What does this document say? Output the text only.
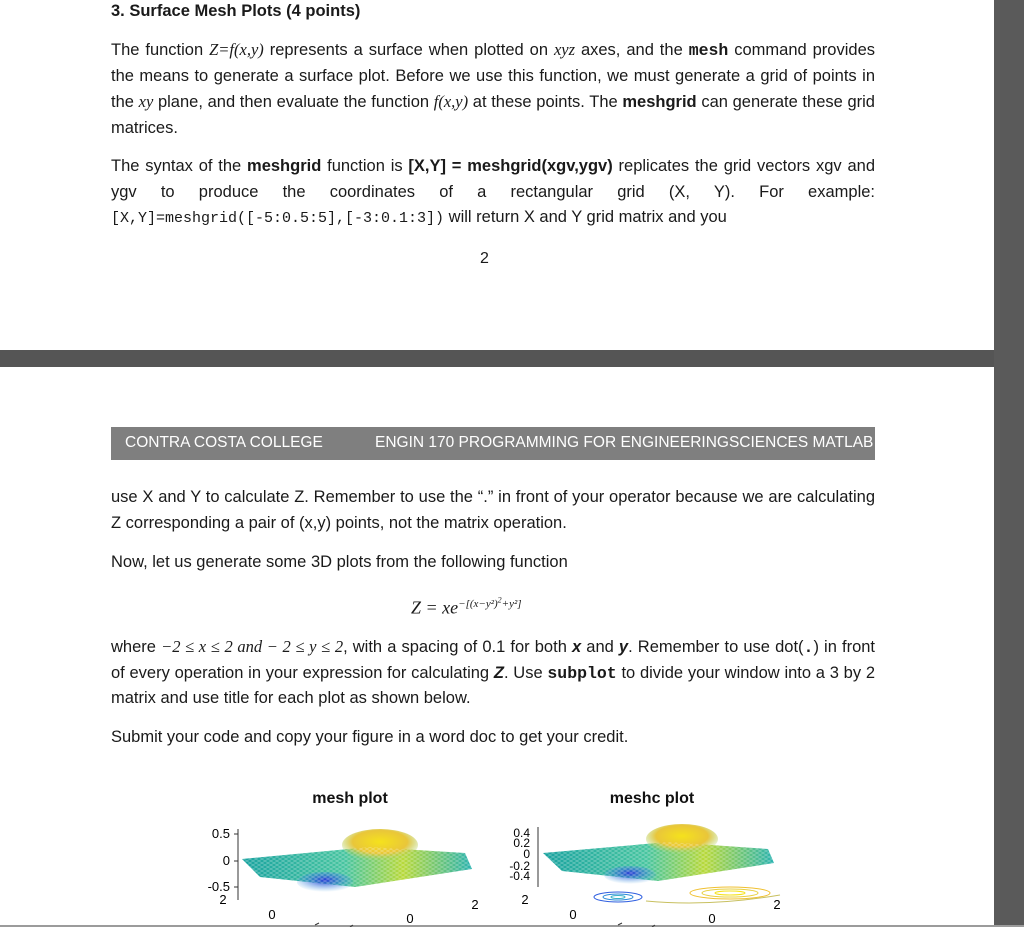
3. Surface Mesh Plots (4 points)

The function Z=f(x,y) represents a surface when plotted on xyz axes, and the mesh command provides the means to generate a surface plot. Before we use this function, we must generate a grid of points in the xy plane, and then evaluate the function f(x,y) at these points. The meshgrid can generate these grid matrices.

The syntax of the meshgrid function is [X,Y] = meshgrid(xgv,ygv) replicates the grid vectors xgv and ygv to produce the coordinates of a rectangular grid (X, Y). For example: [X,Y]=meshgrid([-5:0.5:5],[-3:0.1:3]) will return X and Y grid matrix and you

2
CONTRA COSTA COLLEGE	ENGIN 170 PROGRAMMING FOR ENGINEERINGSCIENCES MATLAB

use X and Y to calculate Z. Remember to use the “.” in front of your operator because we are calculating Z corresponding a pair of (x,y) points, not the matrix operation.

Now, let us generate some 3D plots from the following function

$Z = xe^{-[(x-y^2)^2+y^2]}$

where −2 ≤ x ≤ 2 and − 2 ≤ y ≤ 2, with a spacing of 0.1 for both x and y. Remember to use dot(.) in front of every operation in your expression for calculating Z. Use subplot to divide your window into a 3 by 2 matrix and use title for each plot as shown below.

Submit your code and copy your figure in a word doc to get your credit.

mesh plot
0.5
0
-0.5
2
0	0
2
meshc plot
0.4
0.2
0
-0.2
-0.4
2
0	0
2
